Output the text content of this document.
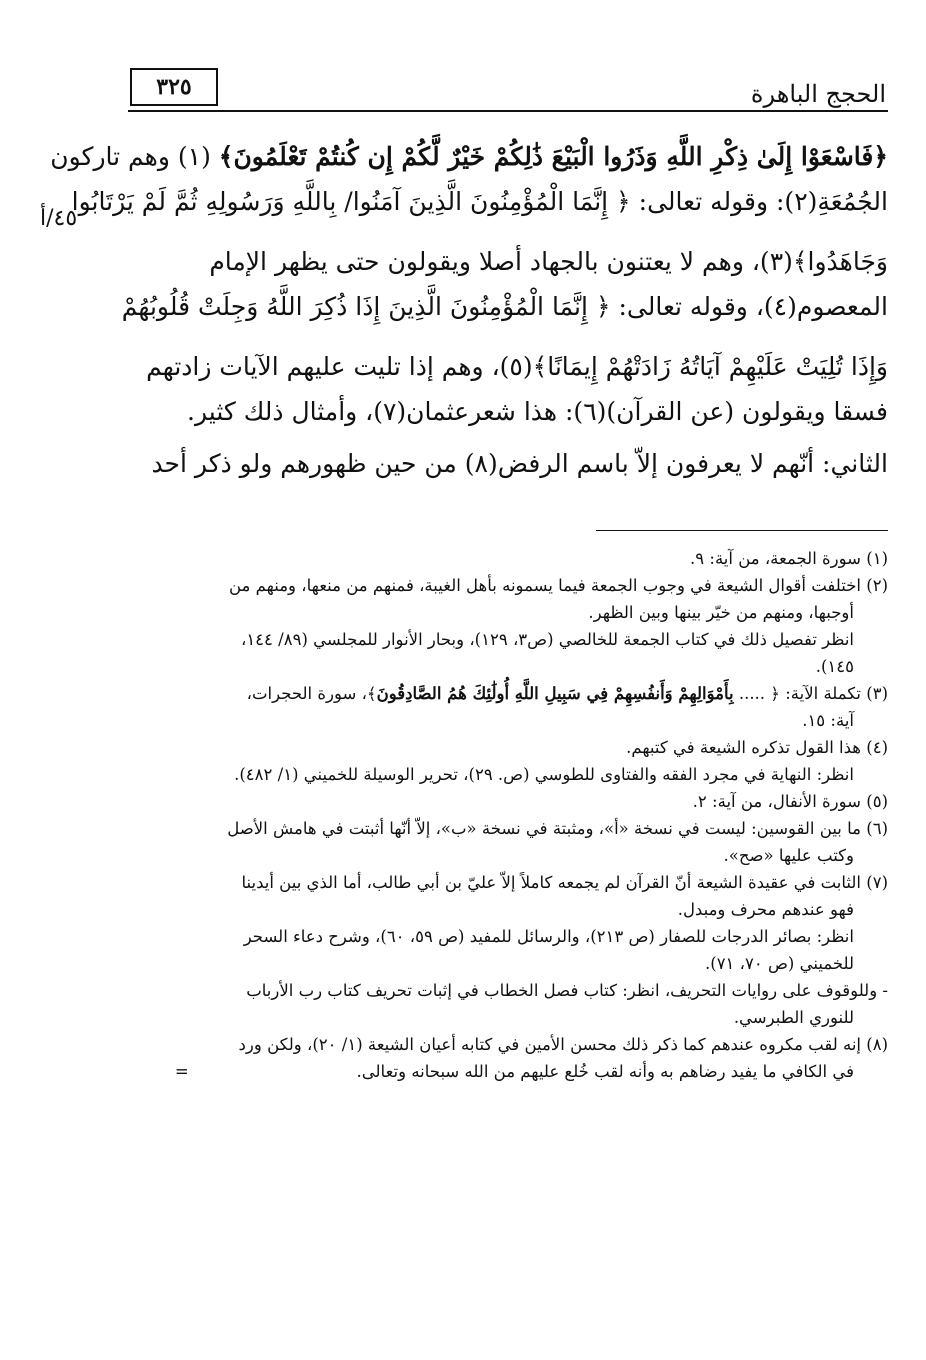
٣٢٥	الحجج الباهرة
٤٥/أ
﴿فَاسْعَوْا إِلَىٰ ذِكْرِ اللَّهِ وَذَرُوا الْبَيْعَ ذَٰلِكُمْ خَيْرٌ لَّكُمْ إِن كُنتُمْ تَعْلَمُونَ﴾ (١) وهم تاركون
الجُمُعَةِ(٢): وقوله تعالى: ﴿ إِنَّمَا الْمُؤْمِنُونَ الَّذِينَ آمَنُوا/ بِاللَّهِ وَرَسُولِهِ ثُمَّ لَمْ يَرْتَابُوا
وَجَاهَدُوا﴾(٣)، وهم لا يعتنون بالجهاد أصلا ويقولون حتى يظهر الإمام
المعصوم(٤)، وقوله تعالى: ﴿ إِنَّمَا الْمُؤْمِنُونَ الَّذِينَ إِذَا ذُكِرَ اللَّهُ وَجِلَتْ قُلُوبُهُمْ
وَإِذَا تُلِيَتْ عَلَيْهِمْ آيَاتُهُ زَادَتْهُمْ إِيمَانًا﴾(٥)، وهم إذا تليت عليهم الآيات زادتهم
فسقا ويقولون (عن القرآن)(٦): هذا شعرعثمان(٧)، وأمثال ذلك كثير.
الثاني: أنّهم لا يعرفون إلاّ باسم الرفض(٨) من حين ظهورهم ولو ذكر أحد
(١) سورة الجمعة، من آية: ٩.
(٢) اختلفت أقوال الشيعة في وجوب الجمعة فيما يسمونه بأهل الغيبة، فمنهم من منعها، ومنهم من
أوجبها، ومنهم من خيّر بينها وبين الظهر.
انظر تفصيل ذلك في كتاب الجمعة للخالصي (ص٣، ١٢٩)، وبحار الأنوار للمجلسي (٨٩/ ١٤٤،
١٤٥).
(٣) تكملة الآية: ﴿ ..... بِأَمْوَالِهِمْ وَأَنفُسِهِمْ فِي سَبِيلِ اللَّهِ أُولَٰئِكَ هُمُ الصَّادِقُونَ﴾، سورة الحجرات،
آية: ١٥.
(٤) هذا القول تذكره الشيعة في كتبهم.
انظر: النهاية في مجرد الفقه والفتاوى للطوسي (ص. ٢٩)، تحرير الوسيلة للخميني (١/ ٤٨٢).
(٥) سورة الأنفال، من آية: ٢.
(٦) ما بين القوسين: ليست في نسخة «أ»، ومثبتة في نسخة «ب»، إلاّ أنّها أثبتت في هامش الأصل
وكتب عليها «صح».
(٧) الثابت في عقيدة الشيعة أنّ القرآن لم يجمعه كاملاً إلاّ عليّ بن أبي طالب، أما الذي بين أيدينا
فهو عندهم محرف ومبدل.
انظر: بصائر الدرجات للصفار (ص ٢١٣)، والرسائل للمفيد (ص ٥٩، ٦٠)، وشرح دعاء السحر
للخميني (ص ٧٠، ٧١).
- وللوقوف على روايات التحريف، انظر: كتاب فصل الخطاب في إثبات تحريف كتاب رب الأرباب
للنوري الطبرسي.
(٨) إنه لقب مكروه عندهم كما ذكر ذلك محسن الأمين في كتابه أعيان الشيعة (١/ ٢٠)، ولكن ورد
في الكافي ما يفيد رضاهم به وأنه لقب خُلع عليهم من الله سبحانه وتعالى.                                =
